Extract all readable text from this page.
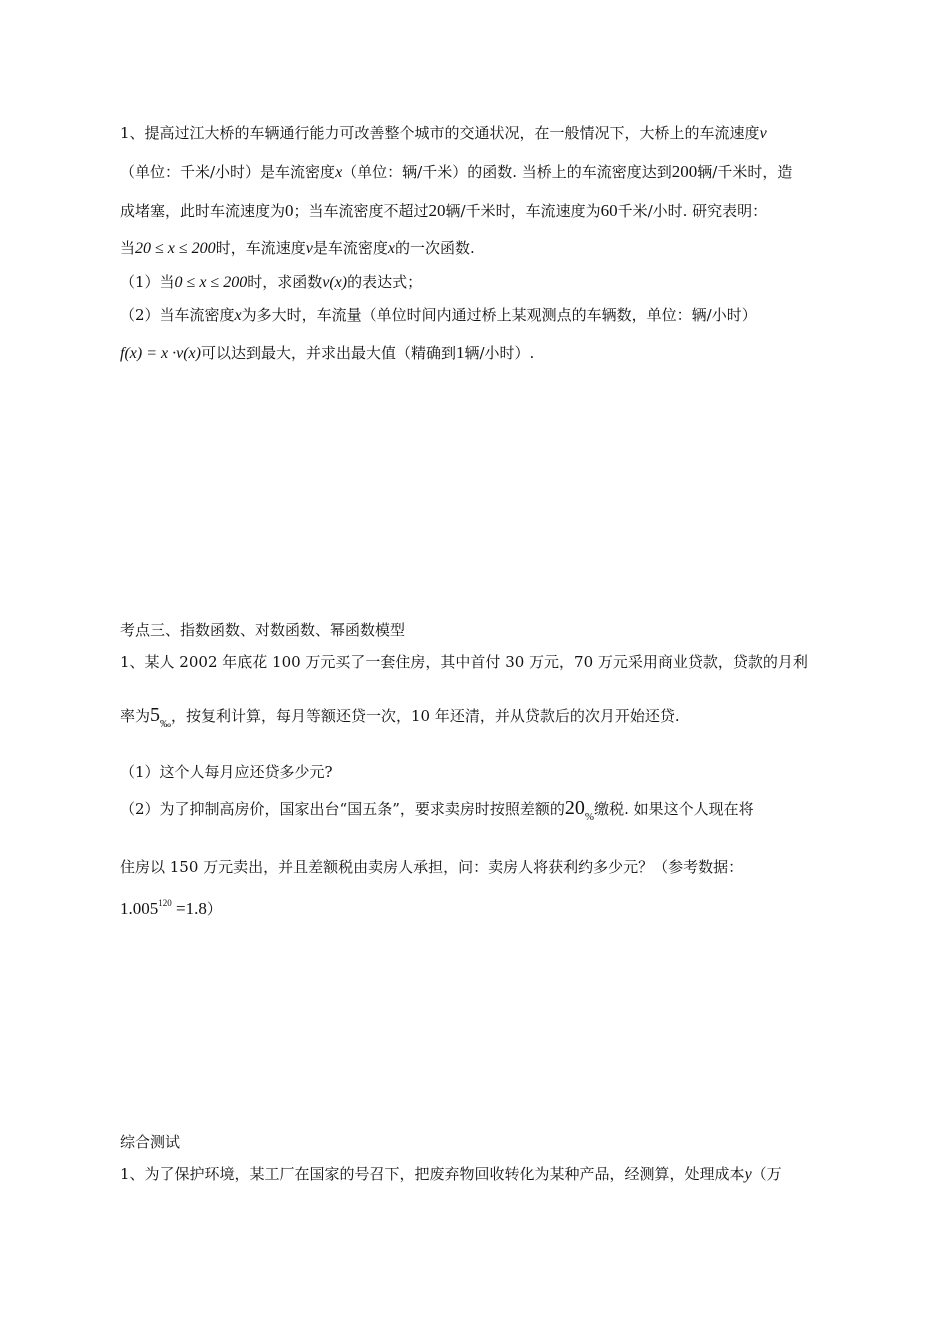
1、提高过江大桥的车辆通行能力可改善整个城市的交通状况，在一般情况下，大桥上的车流速度v
（单位：千米/小时）是车流密度x（单位：辆/千米）的函数. 当桥上的车流密度达到200辆/千米时，造
成堵塞，此时车流速度为0；当车流密度不超过20辆/千米时，车流速度为60千米/小时. 研究表明：
当20 ≤ x ≤ 200时，车流速度v是车流密度x的一次函数.
（1）当0 ≤ x ≤ 200时，求函数v(x)的表达式；
（2）当车流密度x为多大时，车流量（单位时间内通过桥上某观测点的车辆数，单位：辆/小时）
f(x) = x ·v(x)可以达到最大，并求出最大值（精确到1辆/小时）.
考点三、指数函数、对数函数、幂函数模型
1、某人 2002 年底花 100 万元买了一套住房，其中首付 30 万元，70 万元采用商业贷款，贷款的月利
率为$5_‰$，按复利计算，每月等额还贷一次，10 年还清，并从贷款后的次月开始还贷.
（1）这个人每月应还贷多少元?
（2）为了抑制高房价，国家出台“国五条”，要求卖房时按照差额的$20_{\%}$缴税. 如果这个人现在将
住房以 150 万元卖出，并且差额税由卖房人承担，问：卖房人将获利约多少元？（参考数据：
$1.005^{120} =1.8$）
综合测试
1、为了保护环境，某工厂在国家的号召下，把废弃物回收转化为某种产品，经测算，处理成本y（万
